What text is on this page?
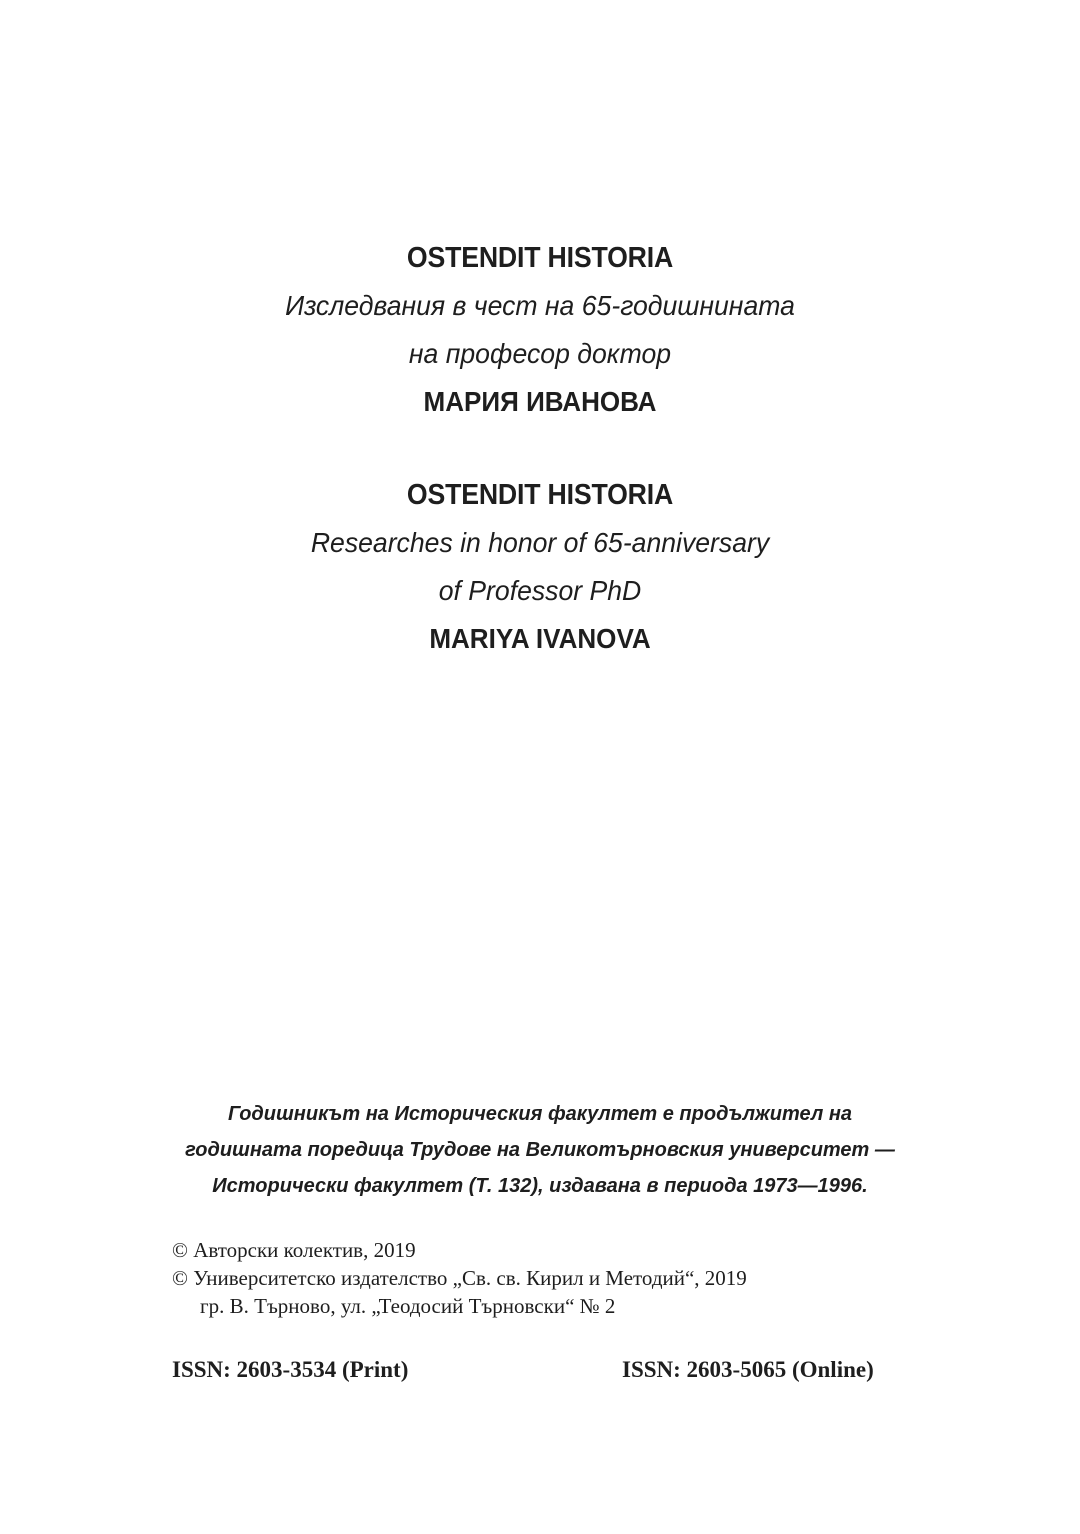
OSTENDIT HISTORIA
Изследвания в чест на 65-годишнината
на професор доктор
МАРИЯ ИВАНОВА
OSTENDIT HISTORIA
Researches in honor of 65-anniversary
of Professor PhD
MARIYA IVANOVA
Годишникът на Историческия факултет е продължител на
годишната поредица Трудове на Великотърновския университет —
Исторически факултет (Т. 132), издавана в периода 1973—1996.
© Авторски колектив, 2019
© Университетско издателство „Св. св. Кирил и Методий“, 2019
гр. В. Търново, ул. „Теодосий Търновски“ № 2
ISSN: 2603-3534 (Print)	ISSN: 2603-5065 (Online)
